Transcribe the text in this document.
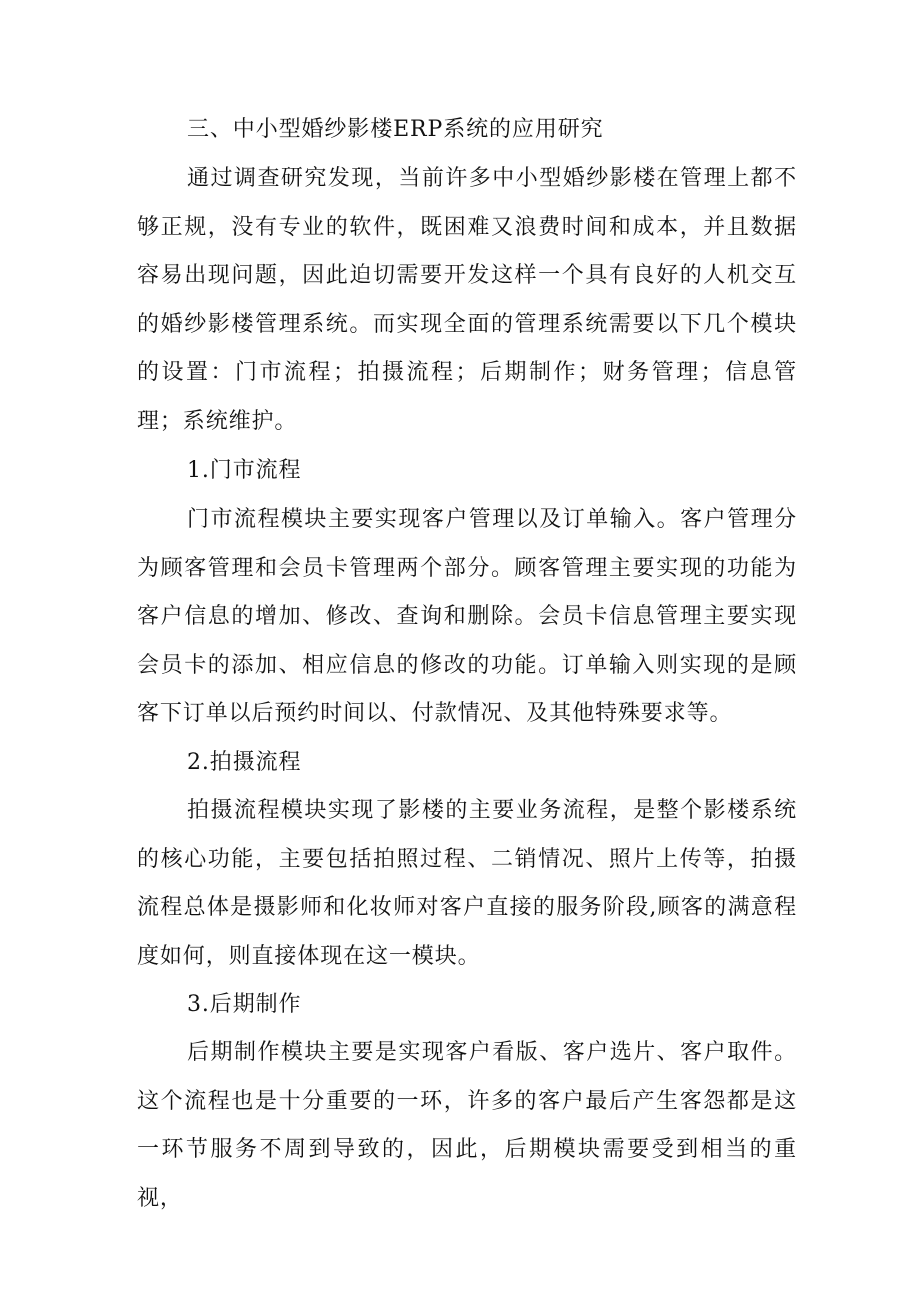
三、中小型婚纱影楼ERP系统的应用研究

通过调查研究发现，当前许多中小型婚纱影楼在管理上都不够正规，没有专业的软件，既困难又浪费时间和成本，并且数据容易出现问题，因此迫切需要开发这样一个具有良好的人机交互的婚纱影楼管理系统。而实现全面的管理系统需要以下几个模块的设置：门市流程；拍摄流程；后期制作；财务管理；信息管理；系统维护。

1.门市流程

门市流程模块主要实现客户管理以及订单输入。客户管理分为顾客管理和会员卡管理两个部分。顾客管理主要实现的功能为客户信息的增加、修改、查询和删除。会员卡信息管理主要实现会员卡的添加、相应信息的修改的功能。订单输入则实现的是顾客下订单以后预约时间以、付款情况、及其他特殊要求等。

2.拍摄流程

拍摄流程模块实现了影楼的主要业务流程，是整个影楼系统的核心功能，主要包括拍照过程、二销情况、照片上传等，拍摄流程总体是摄影师和化妆师对客户直接的服务阶段,顾客的满意程度如何，则直接体现在这一模块。

3.后期制作

后期制作模块主要是实现客户看版、客户选片、客户取件。这个流程也是十分重要的一环，许多的客户最后产生客怨都是这一环节服务不周到导致的，因此，后期模块需要受到相当的重视，
